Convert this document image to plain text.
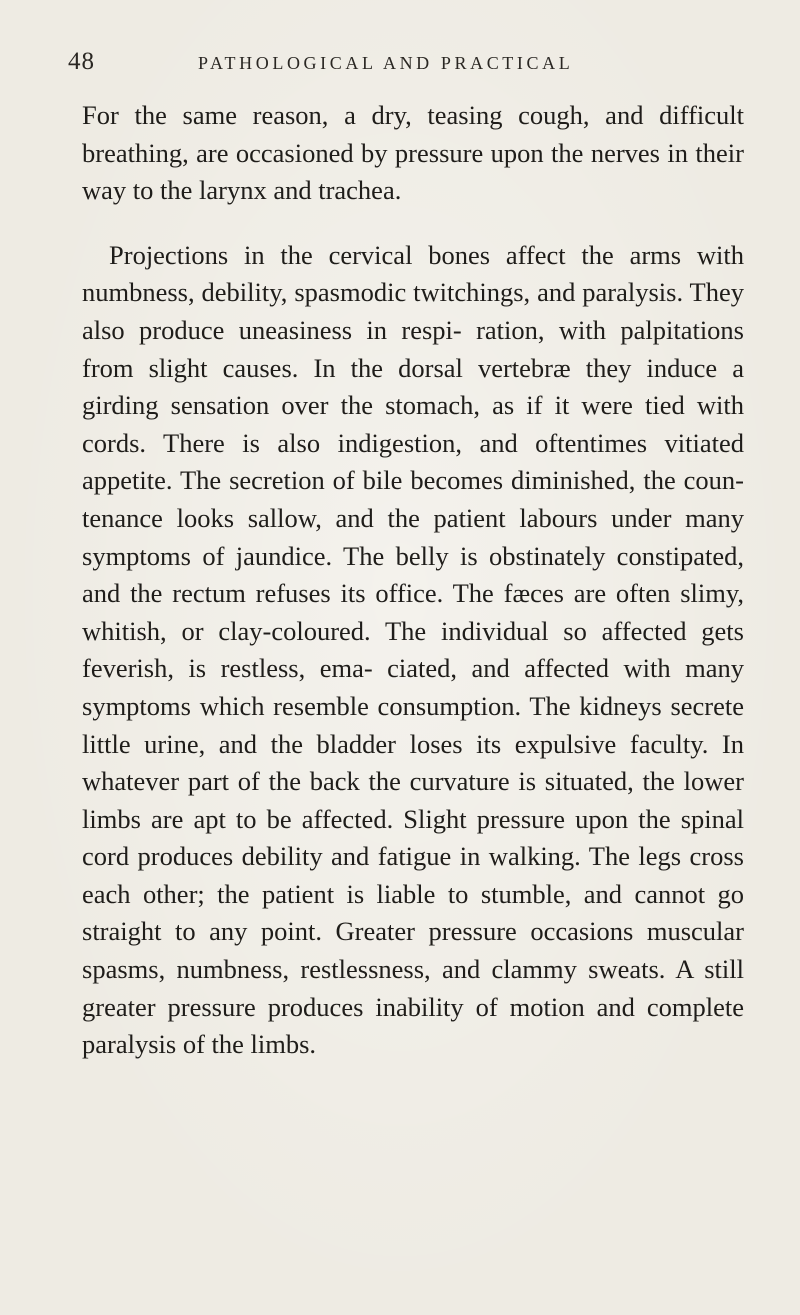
48	PATHOLOGICAL AND PRACTICAL

For the same reason, a dry, teasing cough, and difficult breathing, are occasioned by pressure upon the nerves in their way to the larynx and trachea.

Projections in the cervical bones affect the arms with numbness, debility, spasmodic twitchings, and paralysis. They also produce uneasiness in respi- ration, with palpitations from slight causes. In the dorsal vertebræ they induce a girding sensation over the stomach, as if it were tied with cords. There is also indigestion, and oftentimes vitiated appetite. The secretion of bile becomes diminished, the coun- tenance looks sallow, and the patient labours under many symptoms of jaundice. The belly is obstinately constipated, and the rectum refuses its office. The fæces are often slimy, whitish, or clay-coloured. The individual so affected gets feverish, is restless, ema- ciated, and affected with many symptoms which resemble consumption. The kidneys secrete little urine, and the bladder loses its expulsive faculty. In whatever part of the back the curvature is situated, the lower limbs are apt to be affected. Slight pressure upon the spinal cord produces debility and fatigue in walking. The legs cross each other; the patient is liable to stumble, and cannot go straight to any point. Greater pressure occasions muscular spasms, numbness, restlessness, and clammy sweats. A still greater pressure produces inability of motion and complete paralysis of the limbs.
